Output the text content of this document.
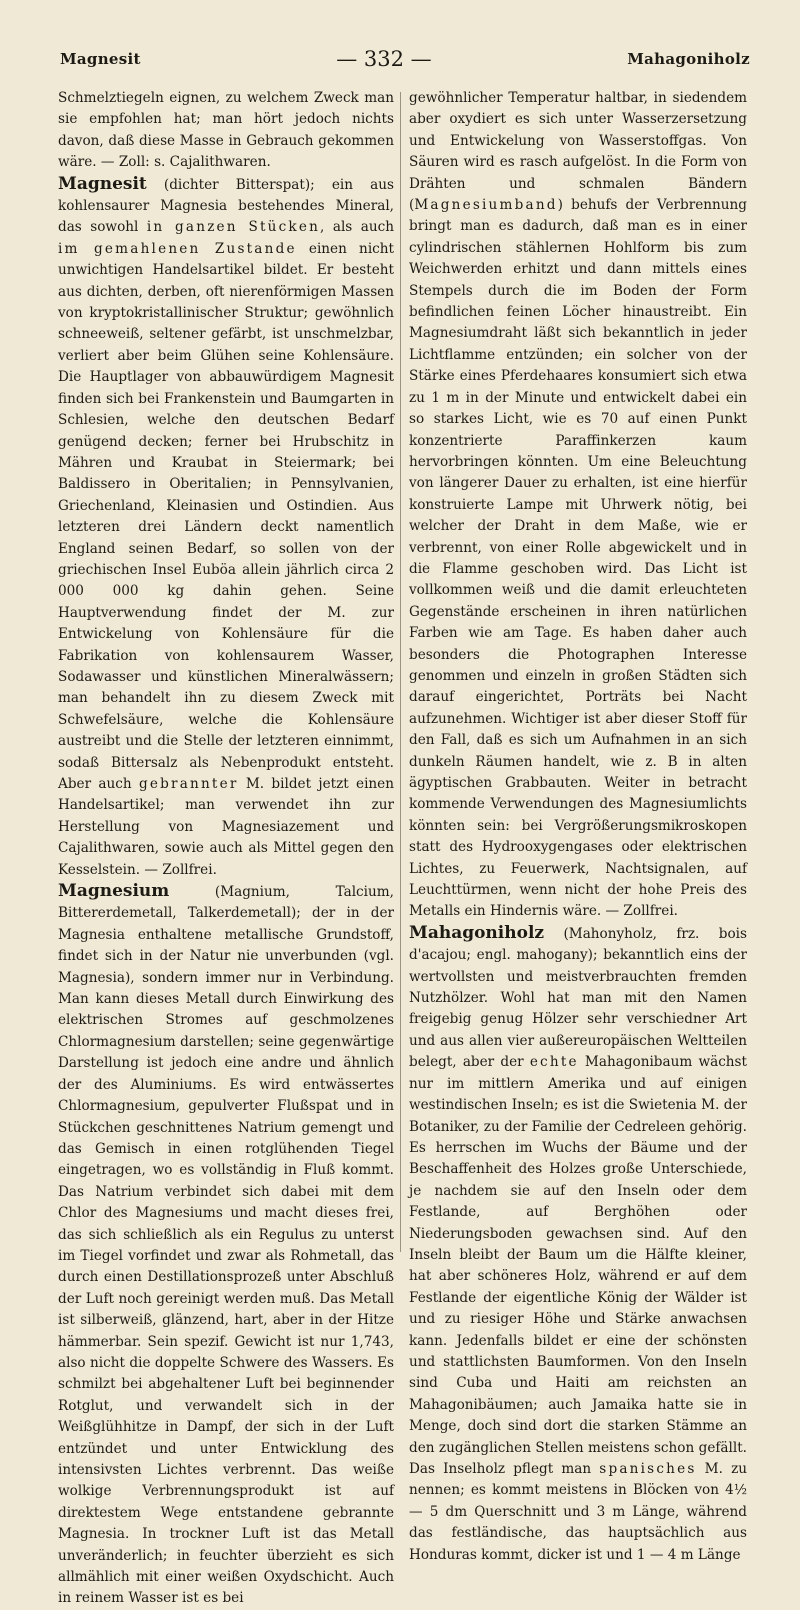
Magnesit	— 332 —	Mahagoniholz

Schmelztiegeln eignen, zu welchem Zweck man sie empfohlen hat; man hört jedoch nichts davon, daß diese Masse in Gebrauch gekommen wäre. — Zoll: s. Cajalithwaren.

Magnesit (dichter Bitterspat); ein aus kohlensaurer Magnesia bestehendes Mineral, das sowohl in ganzen Stücken, als auch im gemahlenen Zustande einen nicht unwichtigen Handelsartikel bildet. Er besteht aus dichten, derben, oft nierenförmigen Massen von kryptokristallinischer Struktur; gewöhnlich schneeweiß, seltener gefärbt, ist unschmelzbar, verliert aber beim Glühen seine Kohlensäure. Die Hauptlager von abbauwürdigem Magnesit finden sich bei Frankenstein und Baumgarten in Schlesien, welche den deutschen Bedarf genügend decken; ferner bei Hrubschitz in Mähren und Kraubat in Steiermark; bei Baldissero in Oberitalien; in Pennsylvanien, Griechenland, Kleinasien und Ostindien. Aus letzteren drei Ländern deckt namentlich England seinen Bedarf, so sollen von der griechischen Insel Euböa allein jährlich circa 2 000 000 kg dahin gehen. Seine Hauptverwendung findet der M. zur Entwickelung von Kohlensäure für die Fabrikation von kohlensaurem Wasser, Sodawasser und künstlichen Mineralwässern; man behandelt ihn zu diesem Zweck mit Schwefelsäure, welche die Kohlensäure austreibt und die Stelle der letzteren einnimmt, sodaß Bittersalz als Nebenprodukt entsteht. Aber auch gebrannter M. bildet jetzt einen Handelsartikel; man verwendet ihn zur Herstellung von Magnesiazement und Cajalithwaren, sowie auch als Mittel gegen den Kesselstein. — Zollfrei.

Magnesium (Magnium, Talcium, Bittererdemetall, Talkerdemetall); der in der Magnesia enthaltene metallische Grundstoff, findet sich in der Natur nie unverbunden (vgl. Magnesia), sondern immer nur in Verbindung. Man kann dieses Metall durch Einwirkung des elektrischen Stromes auf geschmolzenes Chlormagnesium darstellen; seine gegenwärtige Darstellung ist jedoch eine andre und ähnlich der des Aluminiums. Es wird entwässertes Chlormagnesium, gepulverter Flußspat und in Stückchen geschnittenes Natrium gemengt und das Gemisch in einen rotglühenden Tiegel eingetragen, wo es vollständig in Fluß kommt. Das Natrium verbindet sich dabei mit dem Chlor des Magnesiums und macht dieses frei, das sich schließlich als ein Regulus zu unterst im Tiegel vorfindet und zwar als Rohmetall, das durch einen Destillationsprozeß unter Abschluß der Luft noch gereinigt werden muß. Das Metall ist silberweiß, glänzend, hart, aber in der Hitze hämmerbar. Sein spezif. Gewicht ist nur 1,743, also nicht die doppelte Schwere des Wassers. Es schmilzt bei abgehaltener Luft bei beginnender Rotglut, und verwandelt sich in der Weißglühhitze in Dampf, der sich in der Luft entzündet und unter Entwicklung des intensivsten Lichtes verbrennt. Das weiße wolkige Verbrennungsprodukt ist auf direktestem Wege entstandene gebrannte Magnesia. In trockner Luft ist das Metall unveränderlich; in feuchter überzieht es sich allmählich mit einer weißen Oxydschicht. Auch in reinem Wasser ist es bei

gewöhnlicher Temperatur haltbar, in siedendem aber oxydiert es sich unter Wasserzersetzung und Entwickelung von Wasserstoffgas. Von Säuren wird es rasch aufgelöst. In die Form von Drähten und schmalen Bändern (Magnesiumband) behufs der Verbrennung bringt man es dadurch, daß man es in einer cylindrischen stählernen Hohlform bis zum Weichwerden erhitzt und dann mittels eines Stempels durch die im Boden der Form befindlichen feinen Löcher hinaustreibt. Ein Magnesiumdraht läßt sich bekanntlich in jeder Lichtflamme entzünden; ein solcher von der Stärke eines Pferdehaares konsumiert sich etwa zu 1 m in der Minute und entwickelt dabei ein so starkes Licht, wie es 70 auf einen Punkt konzentrierte Paraffinkerzen kaum hervorbringen könnten. Um eine Beleuchtung von längerer Dauer zu erhalten, ist eine hierfür konstruierte Lampe mit Uhrwerk nötig, bei welcher der Draht in dem Maße, wie er verbrennt, von einer Rolle abgewickelt und in die Flamme geschoben wird. Das Licht ist vollkommen weiß und die damit erleuchteten Gegenstände erscheinen in ihren natürlichen Farben wie am Tage. Es haben daher auch besonders die Photographen Interesse genommen und einzeln in großen Städten sich darauf eingerichtet, Porträts bei Nacht aufzunehmen. Wichtiger ist aber dieser Stoff für den Fall, daß es sich um Aufnahmen in an sich dunkeln Räumen handelt, wie z. B in alten ägyptischen Grabbauten. Weiter in betracht kommende Verwendungen des Magnesiumlichts könnten sein: bei Vergrößerungsmikroskopen statt des Hydrooxygengases oder elektrischen Lichtes, zu Feuerwerk, Nachtsignalen, auf Leuchttürmen, wenn nicht der hohe Preis des Metalls ein Hindernis wäre. — Zollfrei.

Mahagoniholz (Mahonyholz, frz. bois d'acajou; engl. mahogany); bekanntlich eins der wertvollsten und meistverbrauchten fremden Nutzhölzer. Wohl hat man mit den Namen freigebig genug Hölzer sehr verschiedner Art und aus allen vier außereuropäischen Weltteilen belegt, aber der echte Mahagonibaum wächst nur im mittlern Amerika und auf einigen westindischen Inseln; es ist die Swietenia M. der Botaniker, zu der Familie der Cedreleen gehörig. Es herrschen im Wuchs der Bäume und der Beschaffenheit des Holzes große Unterschiede, je nachdem sie auf den Inseln oder dem Festlande, auf Berghöhen oder Niederungsboden gewachsen sind. Auf den Inseln bleibt der Baum um die Hälfte kleiner, hat aber schöneres Holz, während er auf dem Festlande der eigentliche König der Wälder ist und zu riesiger Höhe und Stärke anwachsen kann. Jedenfalls bildet er eine der schönsten und stattlichsten Baumformen. Von den Inseln sind Cuba und Haiti am reichsten an Mahagonibäumen; auch Jamaika hatte sie in Menge, doch sind dort die starken Stämme an den zugänglichen Stellen meistens schon gefällt. Das Inselholz pflegt man spanisches M. zu nennen; es kommt meistens in Blöcken von 4½ — 5 dm Querschnitt und 3 m Länge, während das festländische, das hauptsächlich aus Honduras kommt, dicker ist und 1 — 4 m Länge
